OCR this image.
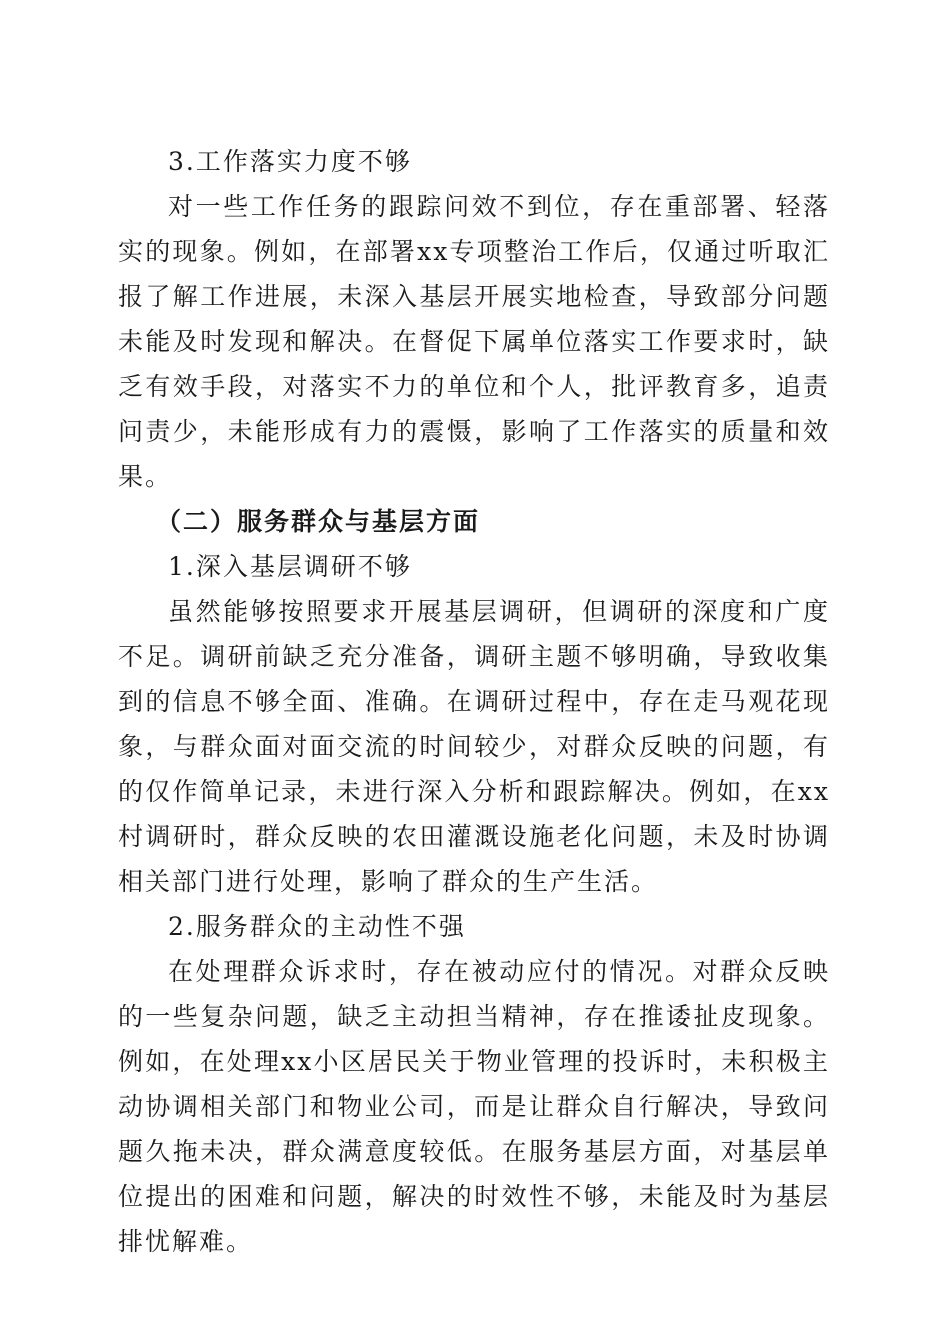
3.工作落实力度不够

对一些工作任务的跟踪问效不到位，存在重部署、轻落实的现象。例如，在部署xx专项整治工作后，仅通过听取汇报了解工作进展，未深入基层开展实地检查，导致部分问题未能及时发现和解决。在督促下属单位落实工作要求时，缺乏有效手段，对落实不力的单位和个人，批评教育多，追责问责少，未能形成有力的震慑，影响了工作落实的质量和效果。

（二）服务群众与基层方面

1.深入基层调研不够

虽然能够按照要求开展基层调研，但调研的深度和广度不足。调研前缺乏充分准备，调研主题不够明确，导致收集到的信息不够全面、准确。在调研过程中，存在走马观花现象，与群众面对面交流的时间较少，对群众反映的问题，有的仅作简单记录，未进行深入分析和跟踪解决。例如，在xx村调研时，群众反映的农田灌溉设施老化问题，未及时协调相关部门进行处理，影响了群众的生产生活。

2.服务群众的主动性不强

在处理群众诉求时，存在被动应付的情况。对群众反映的一些复杂问题，缺乏主动担当精神，存在推诿扯皮现象。例如，在处理xx小区居民关于物业管理的投诉时，未积极主动协调相关部门和物业公司，而是让群众自行解决，导致问题久拖未决，群众满意度较低。在服务基层方面，对基层单位提出的困难和问题，解决的时效性不够，未能及时为基层排忧解难。
